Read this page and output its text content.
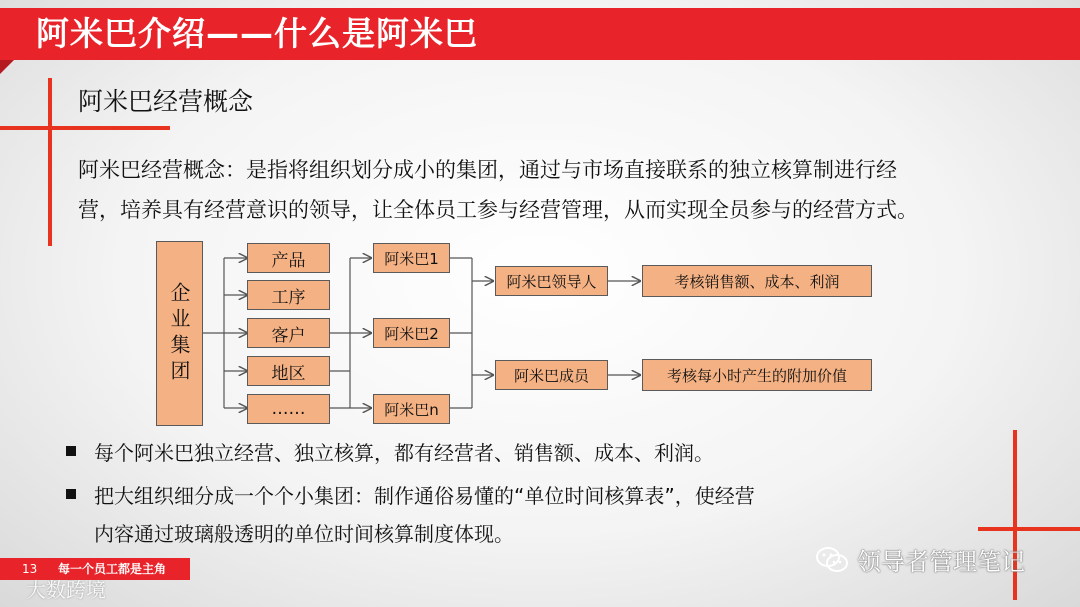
阿米巴介绍——什么是阿米巴
阿米巴经营概念
阿米巴经营概念：是指将组织划分成小的集团，通过与市场直接联系的独立核算制进行经
营，培养具有经营意识的领导，让全体员工参与经营管理，从而实现全员参与的经营方式。
企业集团
产品
工序
客户
地区
……
阿米巴1
阿米巴2
阿米巴n
阿米巴领导人
阿米巴成员
考核销售额、成本、利润
考核每小时产生的附加价值
每个阿米巴独立经营、独立核算，都有经营者、销售额、成本、利润。
把大组织细分成一个个小集团：制作通俗易懂的“单位时间核算表”，使经营
内容通过玻璃般透明的单位时间核算制度体现。
13 每一个员工都是主角
大数跨境
领导者管理笔记
